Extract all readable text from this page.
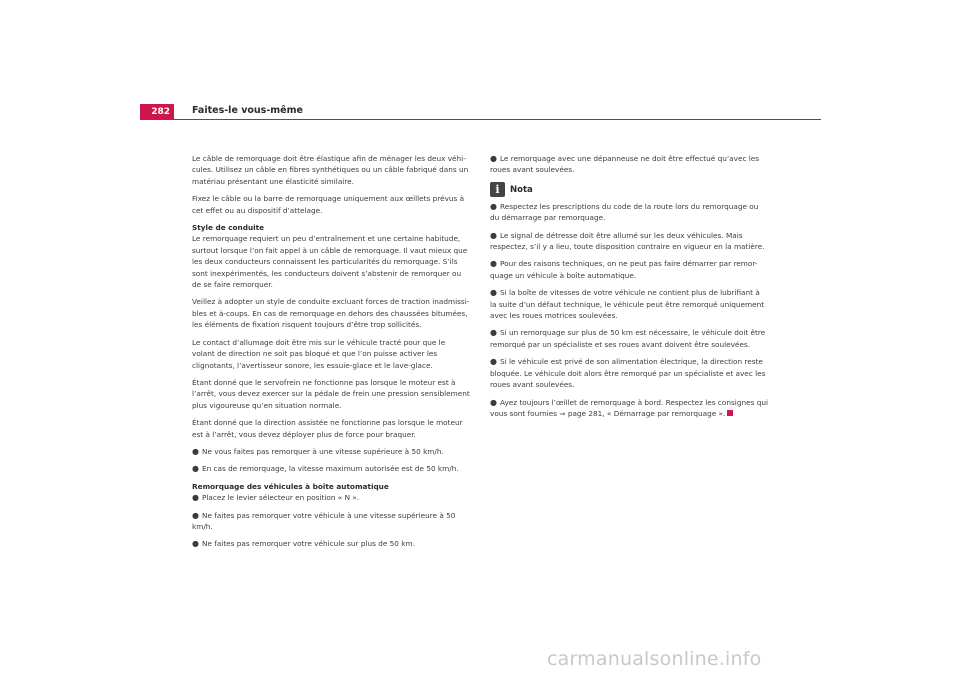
282	Faites-le vous-même

Le câble de remorquage doit être élastique afin de ménager les deux véhi-cules. Utilisez un câble en fibres synthétiques ou un câble fabriqué dans un matériau présentant une élasticité similaire.

Fixez le câble ou la barre de remorquage uniquement aux œillets prévus à cet effet ou au dispositif d’attelage.

Style de conduite

Le remorquage requiert un peu d’entraînement et une certaine habitude, surtout lorsque l’on fait appel à un câble de remorquage. Il vaut mieux que les deux conducteurs connaissent les particularités du remorquage. S’ils sont inexpérimentés, les conducteurs doivent s’abstenir de remorquer ou de se faire remorquer.

Veillez à adopter un style de conduite excluant forces de traction inadmissi-bles et à-coups. En cas de remorquage en dehors des chaussées bitumées, les éléments de fixation risquent toujours d’être trop sollicités.

Le contact d’allumage doit être mis sur le véhicule tracté pour que le volant de direction ne soit pas bloqué et que l’on puisse activer les clignotants, l’avertisseur sonore, les essuie-glace et le lave-glace.

Étant donné que le servofrein ne fonctionne pas lorsque le moteur est à l’arrêt, vous devez exercer sur la pédale de frein une pression sensiblement plus vigoureuse qu’en situation normale.

Étant donné que la direction assistée ne fonctionne pas lorsque le moteur est à l’arrêt, vous devez déployer plus de force pour braquer.

● Ne vous faites pas remorquer à une vitesse supérieure à 50 km/h.
● En cas de remorquage, la vitesse maximum autorisée est de 50 km/h.
Remorquage des véhicules à boîte automatique
● Placez le levier sélecteur en position « N ».
● Ne faites pas remorquer votre véhicule à une vitesse supérieure à 50 km/h.
● Ne faites pas remorquer votre véhicule sur plus de 50 km.
● Le remorquage avec une dépanneuse ne doit être effectué qu’avec les roues avant soulevées.
i	Nota
● Respectez les prescriptions du code de la route lors du remorquage ou du démarrage par remorquage.
● Le signal de détresse doit être allumé sur les deux véhicules. Mais respectez, s’il y a lieu, toute disposition contraire en vigueur en la matière.
● Pour des raisons techniques, on ne peut pas faire démarrer par remor-quage un véhicule à boîte automatique.
● Si la boîte de vitesses de votre véhicule ne contient plus de lubrifiant à la suite d’un défaut technique, le véhicule peut être remorqué uniquement avec les roues motrices soulevées.
● Si un remorquage sur plus de 50 km est nécessaire, le véhicule doit être remorqué par un spécialiste et ses roues avant doivent être soulevées.
● Si le véhicule est privé de son alimentation électrique, la direction reste bloquée. Le véhicule doit alors être remorqué par un spécialiste et avec les roues avant soulevées.
● Ayez toujours l’œillet de remorquage à bord. Respectez les consignes qui vous sont fournies ⇒ page 281, « Démarrage par remorquage ».
carmanualsonline.info
